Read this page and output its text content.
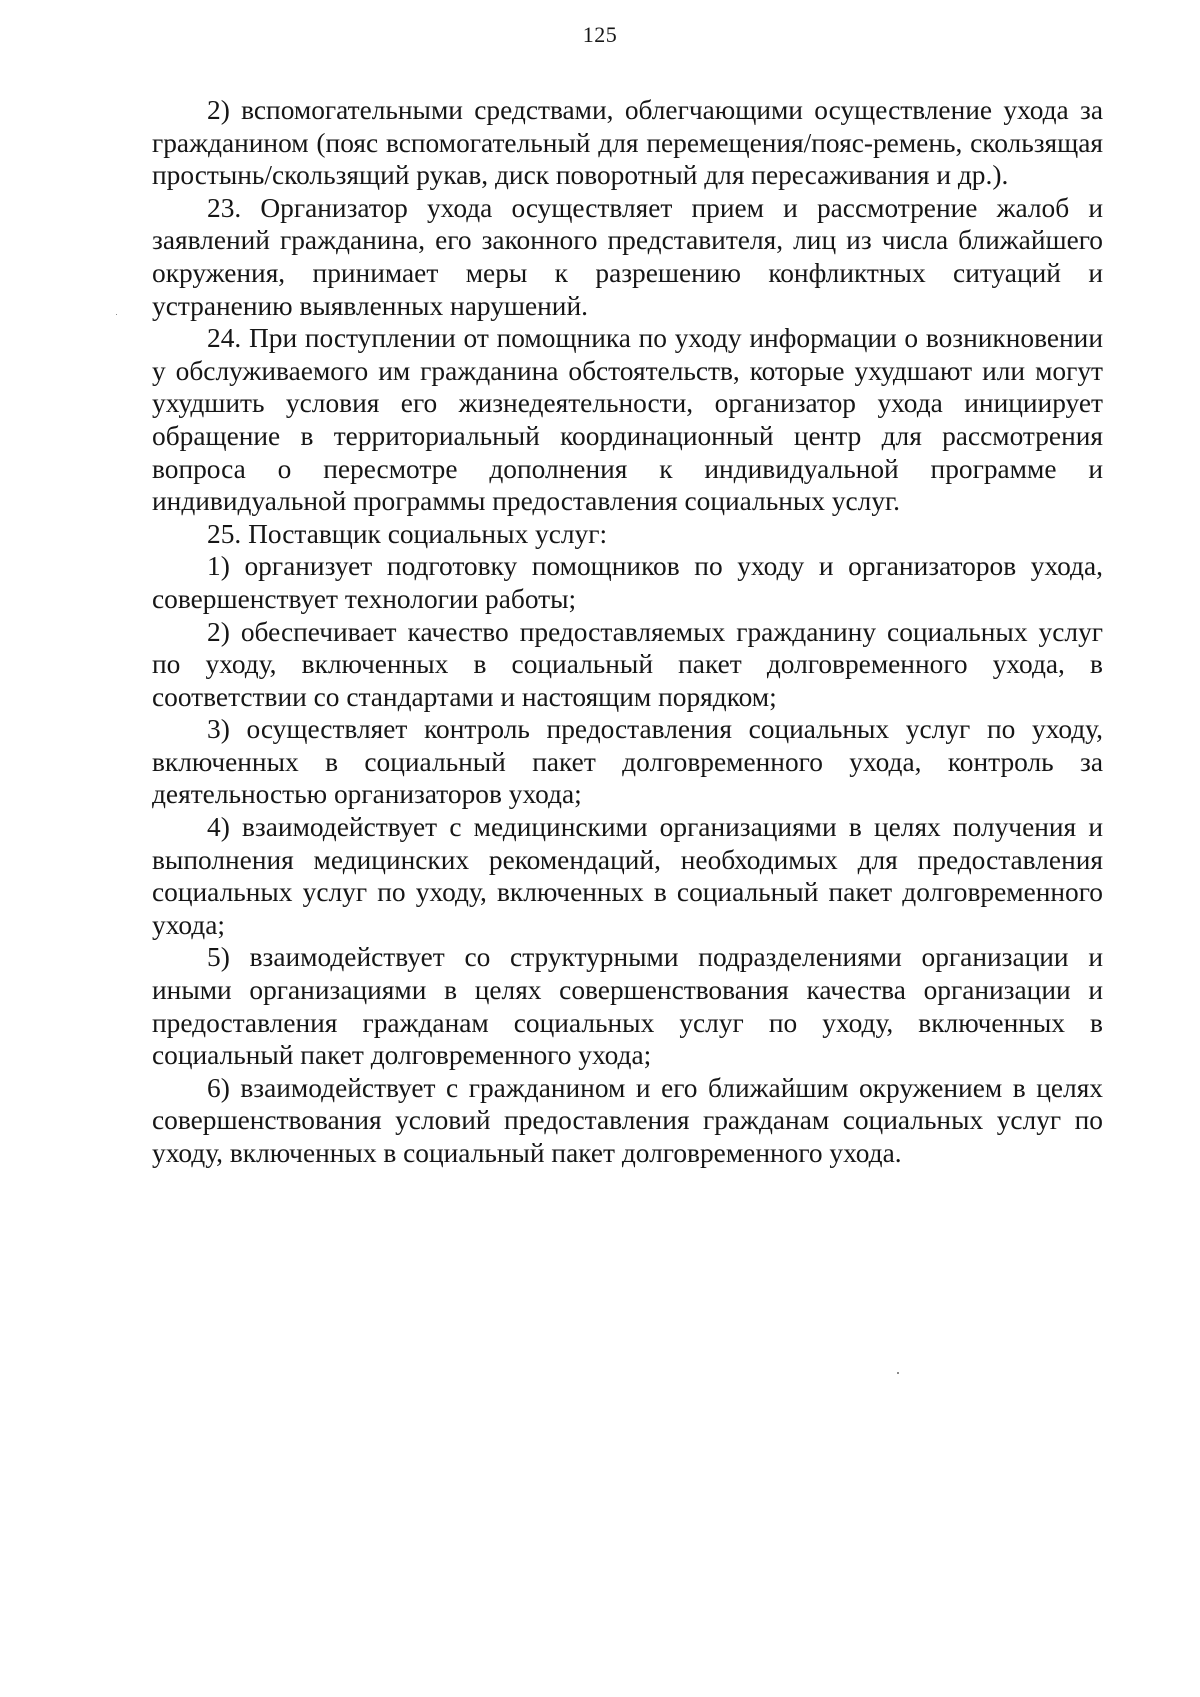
125

2) вспомогательными средствами, облегчающими осуществление ухода за гражданином (пояс вспомогательный для перемещения/пояс-ремень, скользящая простынь/скользящий рукав, диск поворотный для пересаживания и др.).

23. Организатор ухода осуществляет прием и рассмотрение жалоб и заявлений гражданина, его законного представителя, лиц из числа ближайшего окружения, принимает меры к разрешению конфликтных ситуаций и устранению выявленных нарушений.

24. При поступлении от помощника по уходу информации о возникновении у обслуживаемого им гражданина обстоятельств, которые ухудшают или могут ухудшить условия его жизнедеятельности, организатор ухода инициирует обращение в территориальный координационный центр для рассмотрения вопроса о пересмотре дополнения к индивидуальной программе и индивидуальной программы предоставления социальных услуг.

25. Поставщик социальных услуг:

1) организует подготовку помощников по уходу и организаторов ухода, совершенствует технологии работы;

2) обеспечивает качество предоставляемых гражданину социальных услуг по уходу, включенных в социальный пакет долговременного ухода, в соответствии со стандартами и настоящим порядком;

3) осуществляет контроль предоставления социальных услуг по уходу, включенных в социальный пакет долговременного ухода, контроль за деятельностью организаторов ухода;

4) взаимодействует с медицинскими организациями в целях получения и выполнения медицинских рекомендаций, необходимых для предоставления социальных услуг по уходу, включенных в социальный пакет долговременного ухода;

5) взаимодействует со структурными подразделениями организации и иными организациями в целях совершенствования качества организации и предоставления гражданам социальных услуг по уходу, включенных в социальный пакет долговременного ухода;

6) взаимодействует с гражданином и его ближайшим окружением в целях совершенствования условий предоставления гражданам социальных услуг по уходу, включенных в социальный пакет долговременного ухода.
